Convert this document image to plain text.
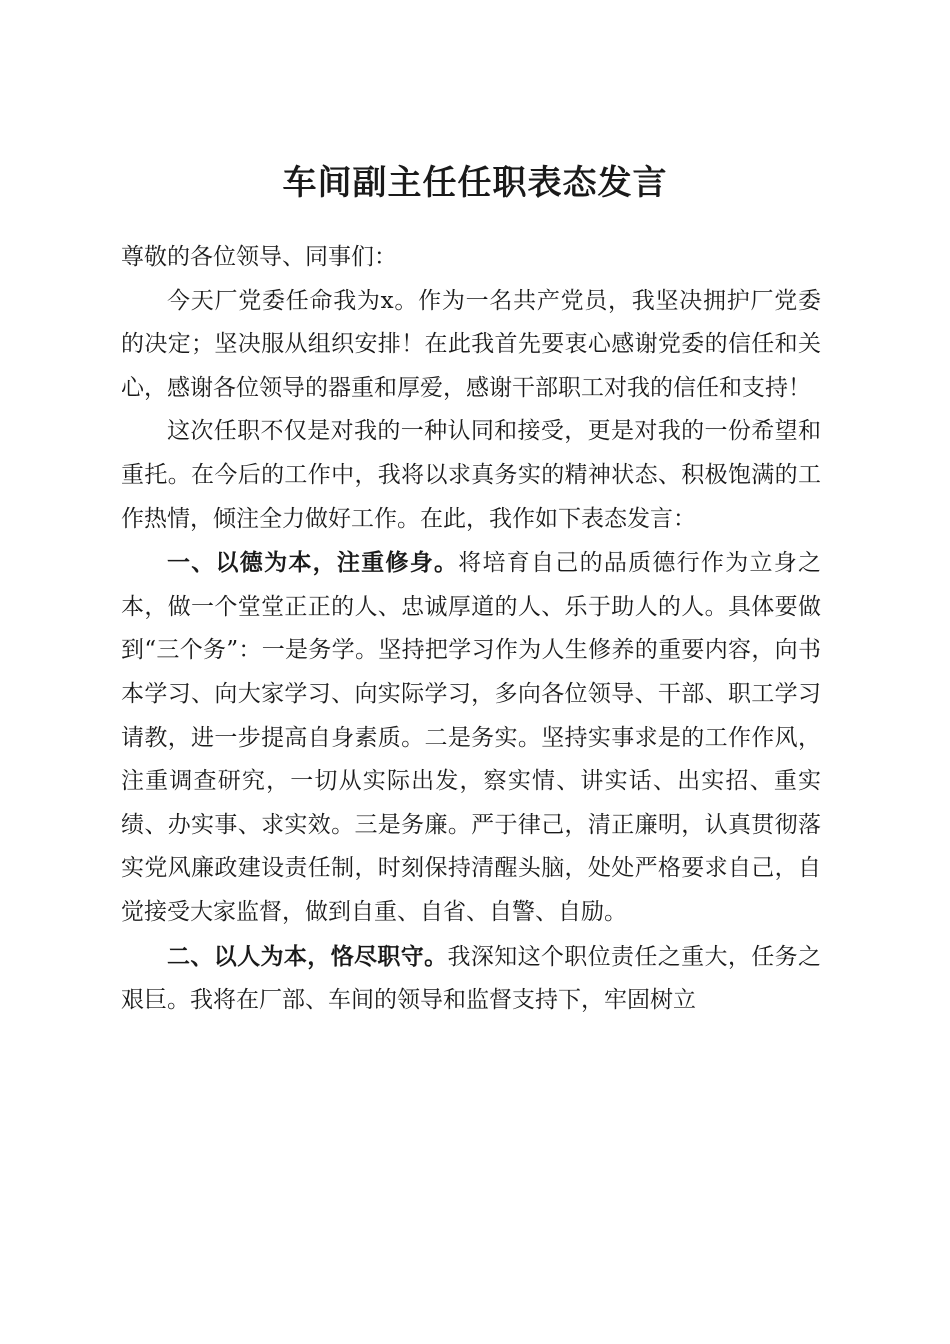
车间副主任任职表态发言

尊敬的各位领导、同事们：

今天厂党委任命我为x。作为一名共产党员，我坚决拥护厂党委的决定；坚决服从组织安排！在此我首先要衷心感谢党委的信任和关心，感谢各位领导的器重和厚爱，感谢干部职工对我的信任和支持！

这次任职不仅是对我的一种认同和接受，更是对我的一份希望和重托。在今后的工作中，我将以求真务实的精神状态、积极饱满的工作热情，倾注全力做好工作。在此，我作如下表态发言：

一、以德为本，注重修身。将培育自己的品质德行作为立身之本，做一个堂堂正正的人、忠诚厚道的人、乐于助人的人。具体要做到“三个务”：一是务学。坚持把学习作为人生修养的重要内容，向书本学习、向大家学习、向实际学习，多向各位领导、干部、职工学习请教，进一步提高自身素质。二是务实。坚持实事求是的工作作风，注重调查研究，一切从实际出发，察实情、讲实话、出实招、重实绩、办实事、求实效。三是务廉。严于律己，清正廉明，认真贯彻落实党风廉政建设责任制，时刻保持清醒头脑，处处严格要求自己，自觉接受大家监督，做到自重、自省、自警、自励。

二、以人为本，恪尽职守。我深知这个职位责任之重大，任务之艰巨。我将在厂部、车间的领导和监督支持下，牢固树立
